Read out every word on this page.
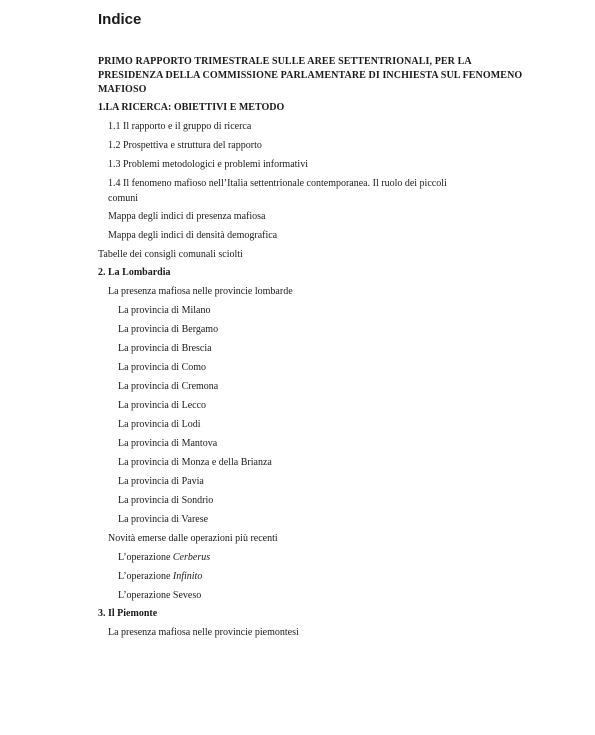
Indice
PRIMO RAPPORTO TRIMESTRALE SULLE AREE SETTENTRIONALI, PER LA
PRESIDENZA DELLA COMMISSIONE PARLAMENTARE DI INCHIESTA SUL FENOMENO
MAFIOSO
1.LA RICERCA: OBIETTIVI E METODO
1.1 Il rapporto e il gruppo di ricerca
1.2 Prospettiva e struttura del rapporto
1.3 Problemi metodologici e problemi informativi
1.4 Il fenomeno mafioso nell’Italia settentrionale contemporanea. Il ruolo dei piccoli
comuni
Mappa degli indici di presenza mafiosa
Mappa degli indici di densità demografica
Tabelle dei consigli comunali sciolti
2. La Lombardia
La presenza mafiosa nelle provincie lombarde
La provincia di Milano
La provincia di Bergamo
La provincia di Brescia
La provincia di Como
La provincia di Cremona
La provincia di Lecco
La provincia di Lodi
La provincia di Mantova
La provincia di Monza e della Brianza
La provincia di Pavia
La provincia di Sondrio
La provincia di Varese
Novità emerse dalle operazioni più recenti
L’operazione Cerberus
L’operazione Infinito
L’operazione Seveso
3. Il Piemonte
La presenza mafiosa nelle provincie piemontesi
